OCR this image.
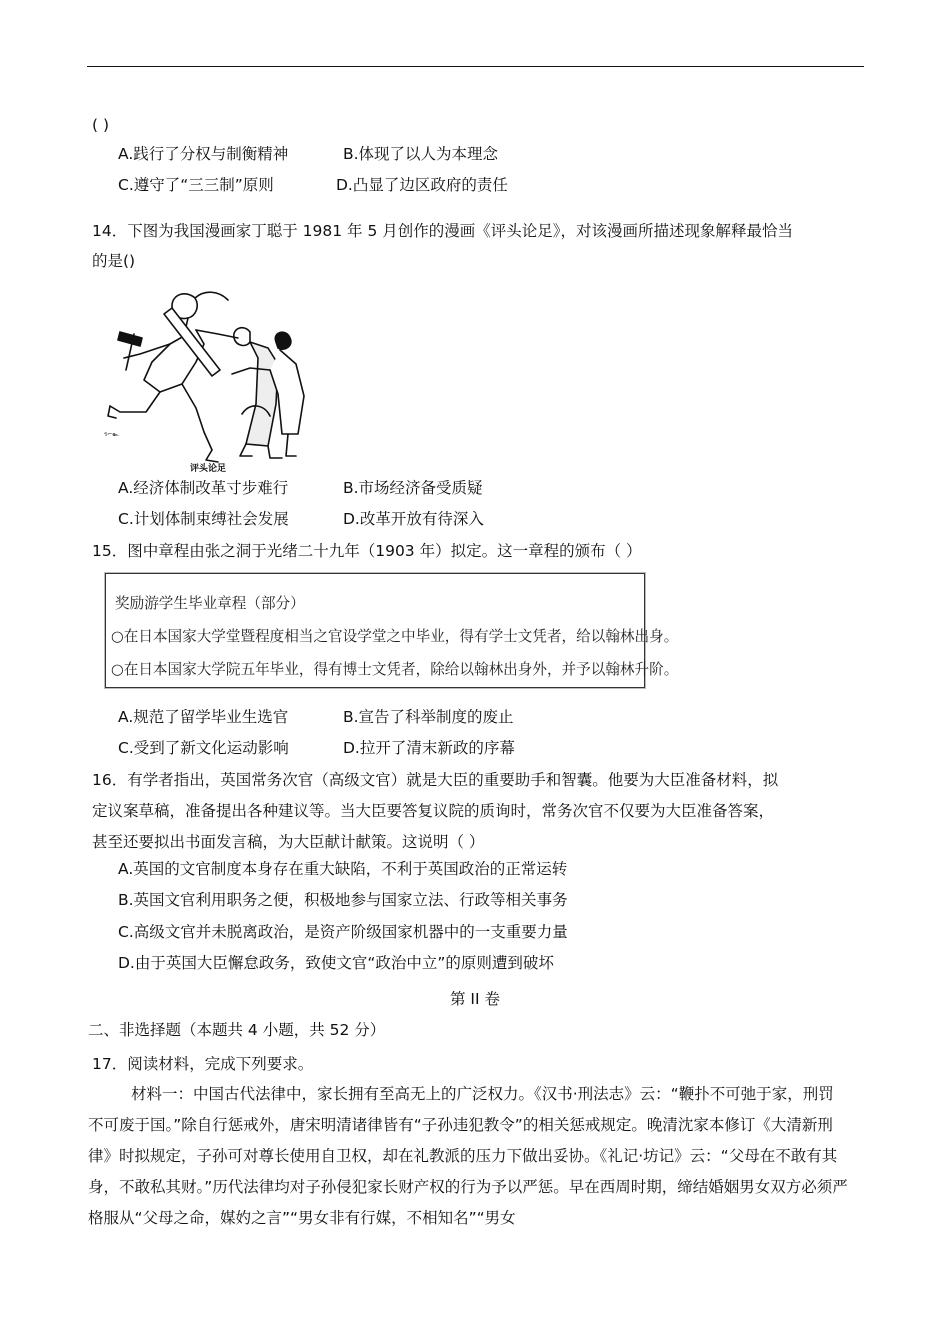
( )
A.践行了分权与制衡精神	B.体现了以人为本理念
C.遵守了“三三制”原则	D.凸显了边区政府的责任
14．下图为我国漫画家丁聪于 1981 年 5 月创作的漫画《评头论足》，对该漫画所描述现象解释最恰当
的是()
ร⌐๛
评头论足
A.经济体制改革寸步难行	B.市场经济备受质疑
C.计划体制束缚社会发展	D.改革开放有待深入
15．图中章程由张之洞于光绪二十九年（1903 年）拟定。这一章程的颁布（ ）
奖励游学生毕业章程（部分）
○在日本国家大学堂暨程度相当之官设学堂之中毕业，得有学士文凭者，给以翰林出身。
○在日本国家大学院五年毕业，得有博士文凭者，除给以翰林出身外，并予以翰林升阶。
A.规范了留学毕业生选官	B.宣告了科举制度的废止
C.受到了新文化运动影响	D.拉开了清末新政的序幕
16．有学者指出，英国常务次官（高级文官）就是大臣的重要助手和智囊。他要为大臣准备材料，拟
定议案草稿，准备提出各种建议等。当大臣要答复议院的质询时，常务次官不仅要为大臣准备答案，
甚至还要拟出书面发言稿，为大臣献计献策。这说明（ ）
A.英国的文官制度本身存在重大缺陷，不利于英国政治的正常运转
B.英国文官利用职务之便，积极地参与国家立法、行政等相关事务
C.高级文官并未脱离政治，是资产阶级国家机器中的一支重要力量
D.由于英国大臣懈怠政务，致使文官“政治中立”的原则遭到破坏
第 II 卷
二、非选择题（本题共 4 小题，共 52 分）
17．阅读材料，完成下列要求。
材料一：中国古代法律中，家长拥有至高无上的广泛权力。《汉书·刑法志》云：“鞭扑不可弛于家，刑罚不可废于国。”除自行惩戒外，唐宋明清诸律皆有“子孙违犯教令”的相关惩戒规定。晚清沈家本修订《大清新刑律》时拟规定，子孙可对尊长使用自卫权，却在礼教派的压力下做出妥协。《礼记·坊记》云：“父母在不敢有其身，不敢私其财。”历代法律均对子孙侵犯家长财产权的行为予以严惩。早在西周时期，缔结婚姻男女双方必须严格服从“父母之命，媒妁之言”“男女非有行媒，不相知名”“男女
